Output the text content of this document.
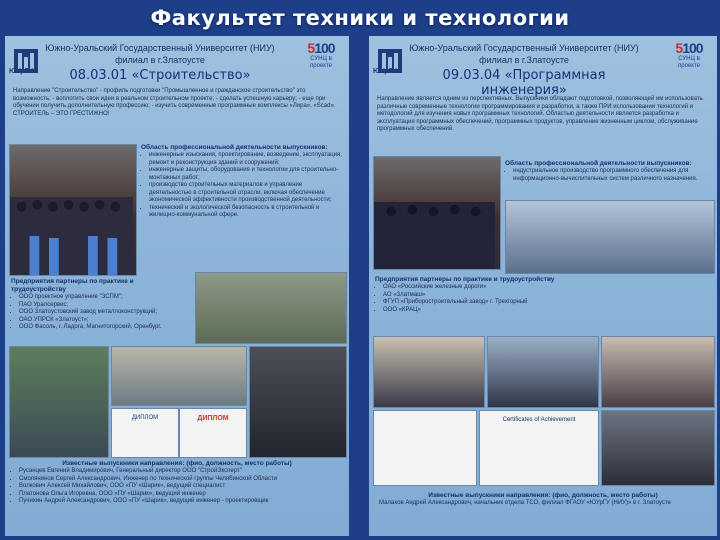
Факультет техники и технологии
ЮУрГУ
Южно-Уральский Государственный Университет (НИУ)
филиал в г.Златоусте
5100
СУНЦ в проекте
08.03.01 «Строительство»
Направление "Строительство" - профиль подготовки "Промышленное и гражданское строительство" это возможность: - воплотить свои идеи в реальном строительном проекте; - сделать успешную карьеру; - еще при обучении получить дополнительную профессию; - изучить современные программные комплексы «Лира», «Scad». СТРОИТЕЛЬ – ЭТО ГРЕСТИЖНО!
Область профессиональной деятельности выпускников:
• инженерные изыскания, проектирование, возведение, эксплуатация, ремонт и реконструкция зданий и сооружений;
• инженерные защиты, оборудования и технологии для строительно-монтажных работ;
• производство строительных материалов и управление деятельностью в строительной отрасли, включая обеспечение экономической эффективности производственной деятельности;
• технический и экологической безопасность в строительной и жилищно-коммунальной сфере.
Предприятия партнеры по практике и трудоустройству
• ООО проектное управление "ЗСПМ";
• ПАО Уралсервис;
• ООО Златоустовский завод металлоконструкций;
• ОАО УПРСК «Златоуст»;
• ООО Фасоль, г. Ладога, Магнитогорский, Оренбург.
ДИПЛОМ	ДИПЛОМ
Известные выпускники направления: (фио, должность, место работы)
• Русанцев Евгений Владимирович, Генеральный директор ООО "СтройЭксперт"
• Смолянинов Сергей Александрович, Инженер по технической группы Челябинской Области
• Волкович Алексей Михайлович, ООО «ПУ «Шарик», ведущий специалист
• Платонова Ольга Игоревна, ООО «ПУ «Шарик», ведущий инженер
• Пучихин Андрей Александрович, ООО «ПУ «Шарик», ведущий инженер - проектировщик
ЮУрГУ
Южно-Уральский Государственный Университет (НИУ)
филиал в г.Златоусте
5100
СУНЦ в проекте
09.03.04 «Программная инженерия»
Направление является одним из перспективных. Выпускники обладают подготовкой, позволяющей им использовать различные современные технологии программирования и разработки, а также ПРИ использовании технологий и методологий для изучения новых программных технологий. Областью деятельности является разработка и эксплуатация программных обеспечений, программных продуктов, управление жизненным циклом, обслуживание программных обеспечений.
Область профессиональной деятельности выпускников:
• индустриальное производство программного обеспечения для информационно-вычислительных систем различного назначения.
Предприятия партнеры по практике и трудоустройству
• ОАО «Российские железные дороги»
• АО «Златмаш»
• ФГУП «Приборостроительный завод» г. Трехгорный
• ООО «КРАЦ»
Certificates of Achievement
Известные выпускники направления: (фио, должность, место работы)
Малахов Андрей Александрович, начальник отдела ТСО, филиал ФГАОУ «ЮУрГУ (НИУ)» в г. Златоусте
